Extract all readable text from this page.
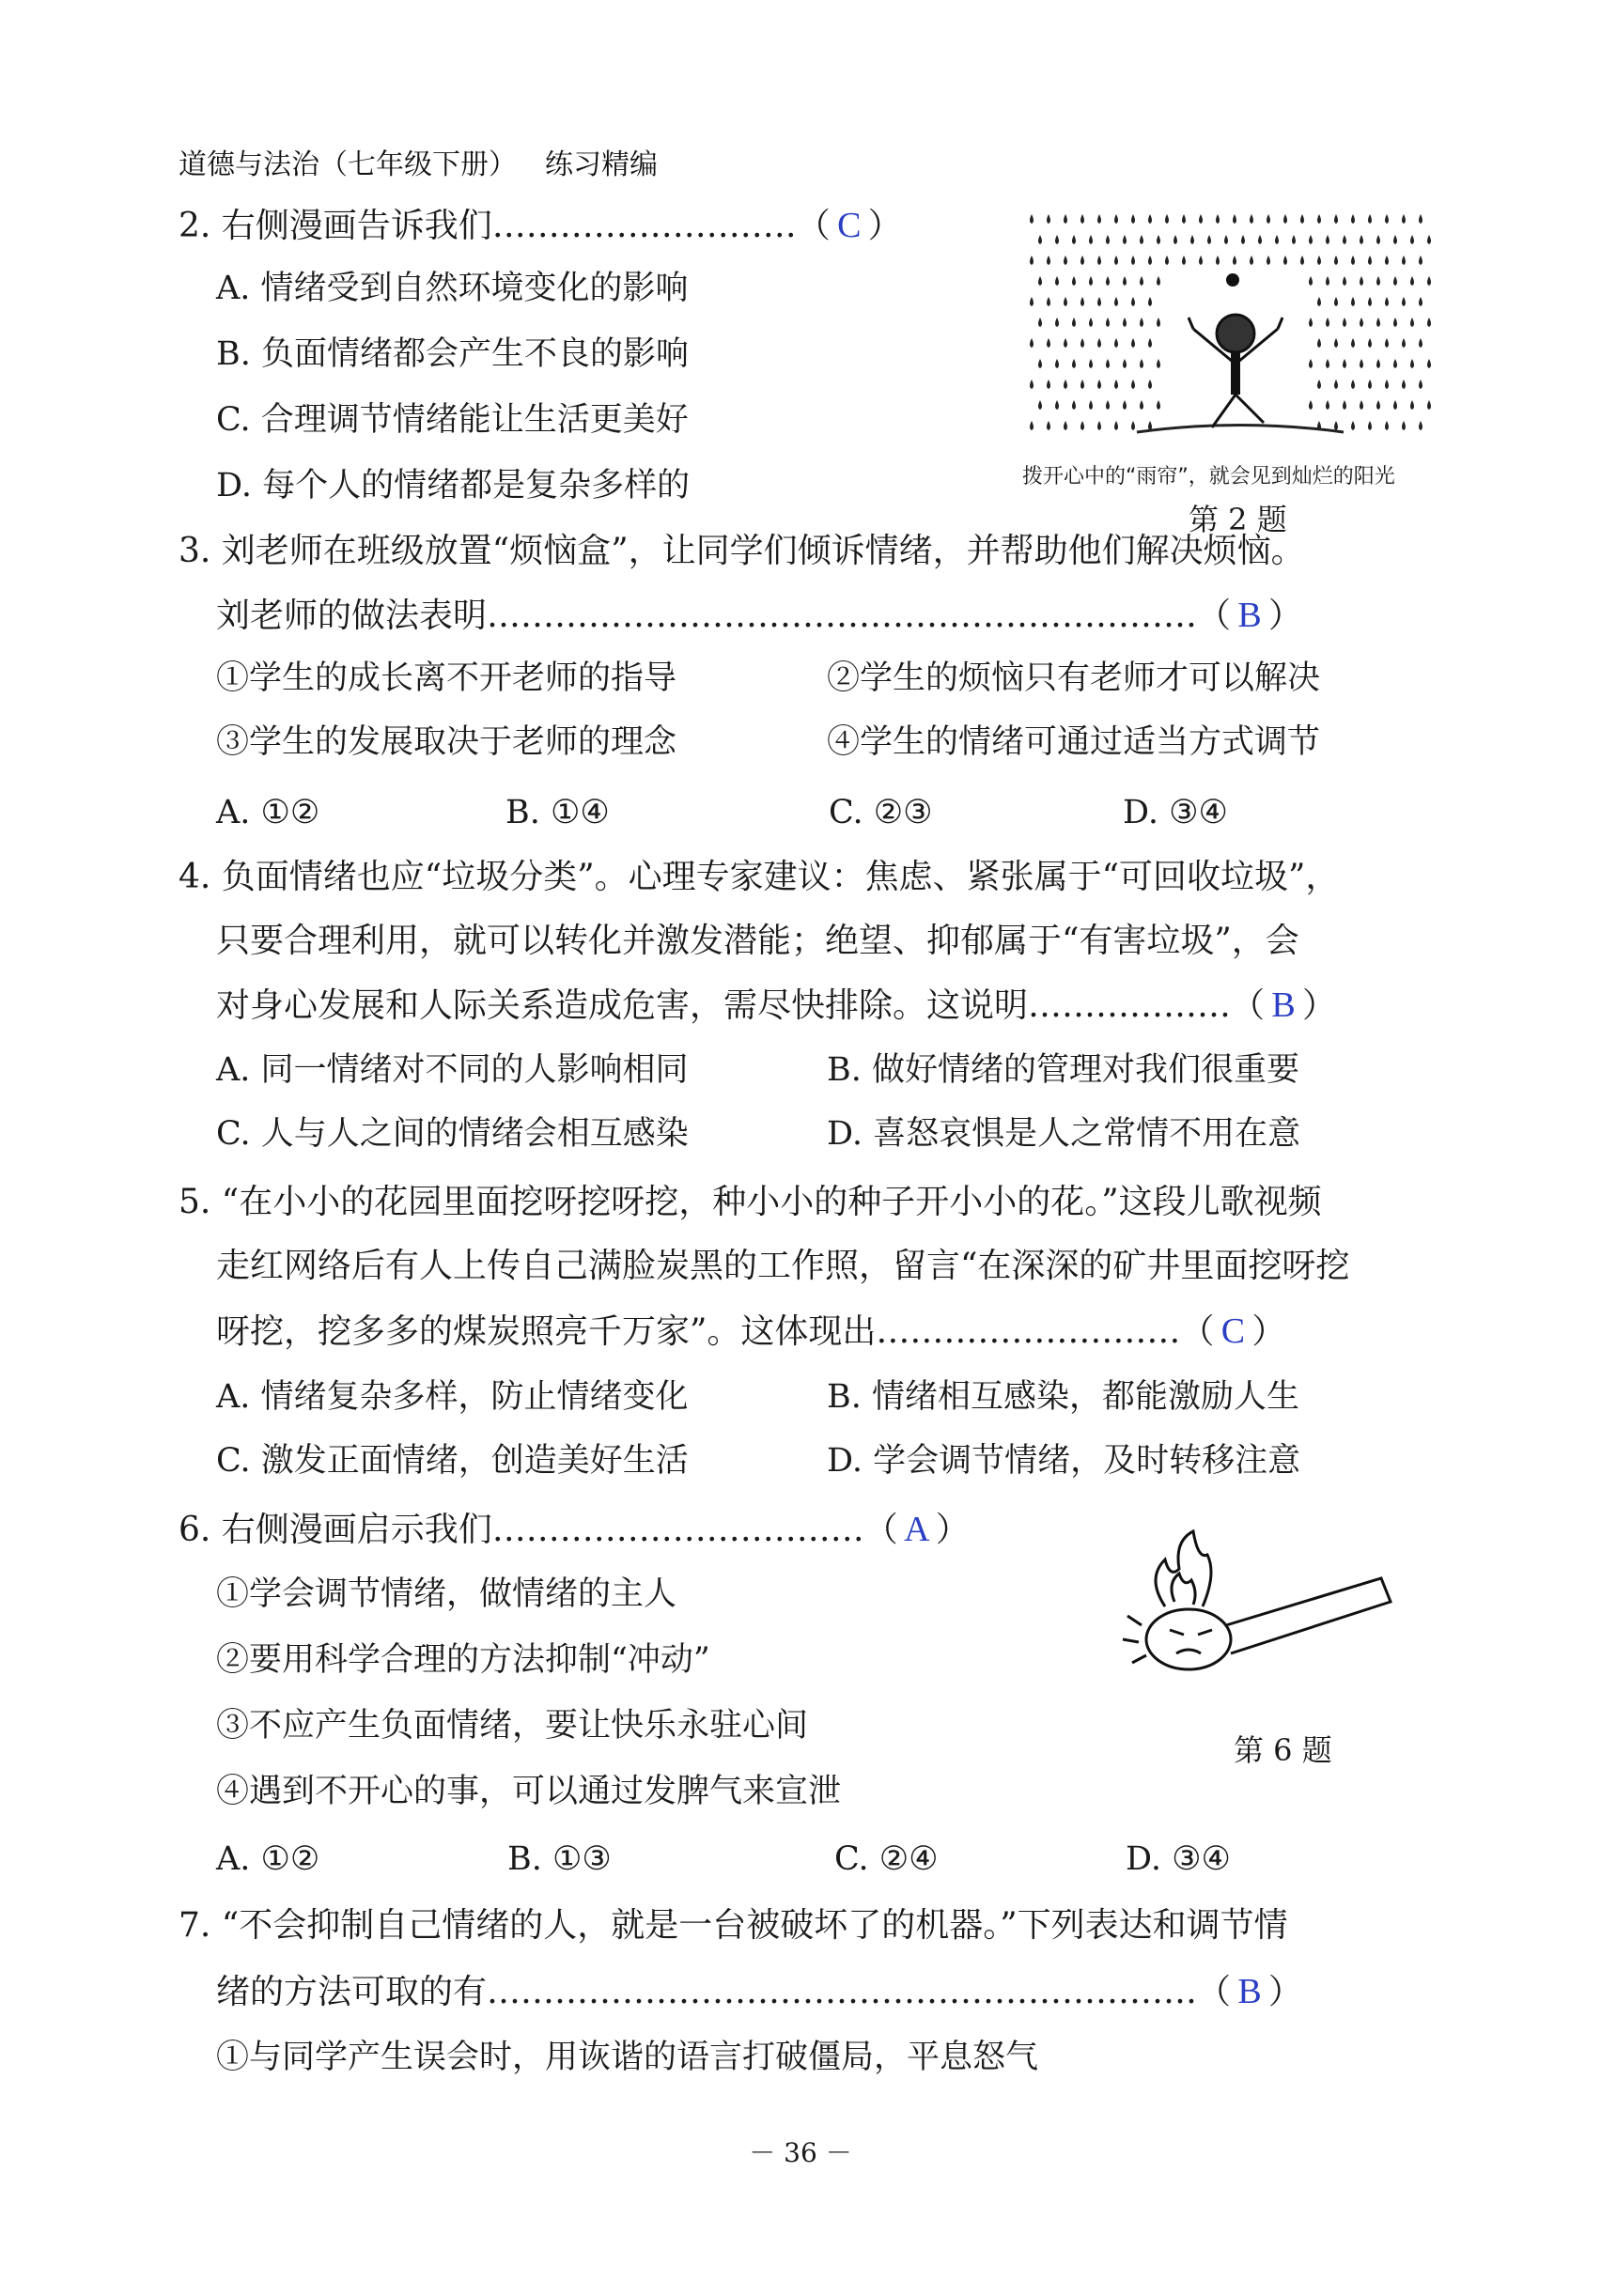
道德与法治（七年级下册） 练习精编
2. 右侧漫画告诉我们………………………（ C ）
A. 情绪受到自然环境变化的影响
B. 负面情绪都会产生不良的影响
C. 合理调节情绪能让生活更美好
D. 每个人的情绪都是复杂多样的	拨开心中的“雨帘”，就会见到灿烂的阳光
第 2 题
3. 刘老师在班级放置“烦恼盒”，让同学们倾诉情绪，并帮助他们解决烦恼。
刘老师的做法表明………………………………………………………（ B ）
①学生的成长离不开老师的指导	②学生的烦恼只有老师才可以解决
③学生的发展取决于老师的理念	④学生的情绪可通过适当方式调节
A. ①②	B. ①④	C. ②③	D. ③④
4. 负面情绪也应“垃圾分类”。心理专家建议：焦虑、紧张属于“可回收垃圾”，
只要合理利用，就可以转化并激发潜能；绝望、抑郁属于“有害垃圾”，会
对身心发展和人际关系造成危害，需尽快排除。这说明………………（ B ）
A. 同一情绪对不同的人影响相同	B. 做好情绪的管理对我们很重要
C. 人与人之间的情绪会相互感染	D. 喜怒哀惧是人之常情不用在意
5. “在小小的花园里面挖呀挖呀挖，种小小的种子开小小的花。”这段儿歌视频
走红网络后有人上传自己满脸炭黑的工作照，留言“在深深的矿井里面挖呀挖
呀挖，挖多多的煤炭照亮千万家”。这体现出………………………（ C ）
A. 情绪复杂多样，防止情绪变化	B. 情绪相互感染，都能激励人生
C. 激发正面情绪，创造美好生活	D. 学会调节情绪，及时转移注意
6. 右侧漫画启示我们……………………………（ A ）
①学会调节情绪，做情绪的主人
②要用科学合理的方法抑制“冲动”
③不应产生负面情绪，要让快乐永驻心间
④遇到不开心的事，可以通过发脾气来宣泄
A. ①②	B. ①③	C. ②④	D. ③④
第 6 题
7. “不会抑制自己情绪的人，就是一台被破坏了的机器。”下列表达和调节情
绪的方法可取的有………………………………………………………（ B ）
①与同学产生误会时，用诙谐的语言打破僵局，平息怒气
－ 36 －
